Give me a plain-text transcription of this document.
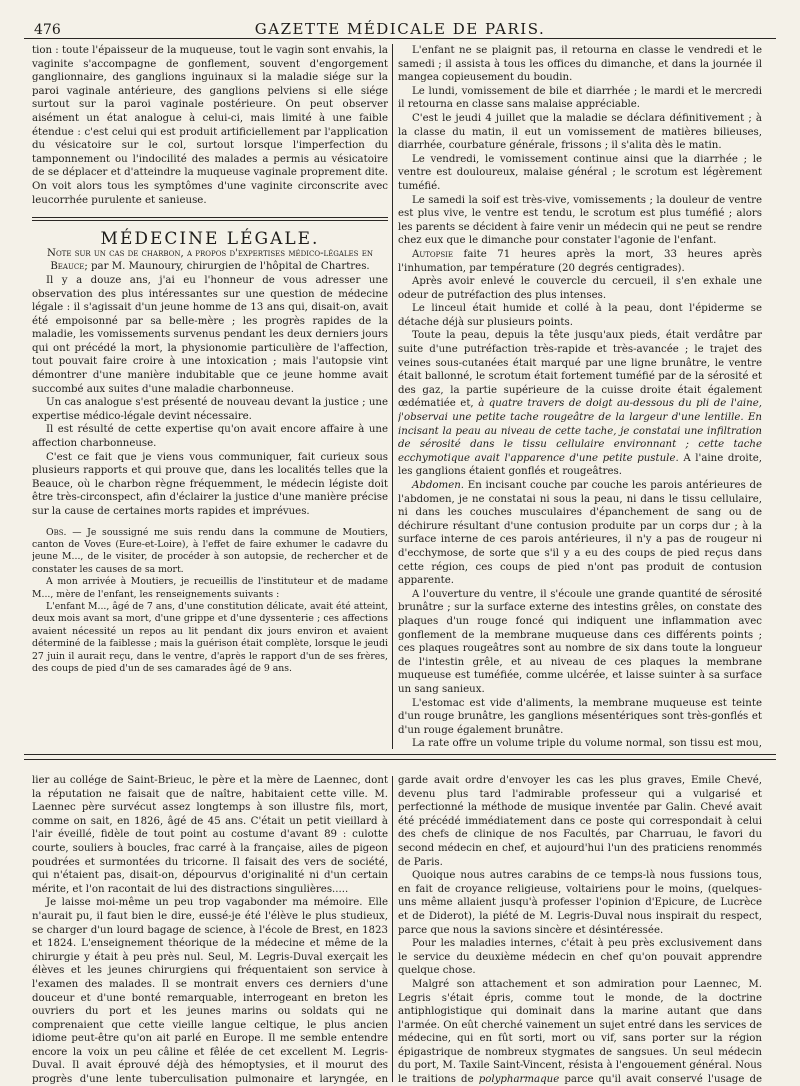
476	GAZETTE MÉDICALE DE PARIS.

tion : toute l'épaisseur de la muqueuse, tout le vagin sont envahis, la vaginite s'accompagne de gonflement, souvent d'engorgement ganglionnaire, des ganglions inguinaux si la maladie siége sur la paroi vaginale antérieure, des ganglions pelviens si elle siége surtout sur la paroi vaginale postérieure. On peut observer aisément un état analogue à celui-ci, mais limité à une faible étendue : c'est celui qui est produit artificiellement par l'application du vésicatoire sur le col, surtout lorsque l'imperfection du tamponnement ou l'indocilité des malades a permis au vésicatoire de se déplacer et d'atteindre la muqueuse vaginale proprement dite. On voit alors tous les symptômes d'une vaginite circonscrite avec leucorrhée purulente et sanieuse.

MÉDECINE LÉGALE.

Note sur un cas de charbon, a propos d'expertises médico-légales en Beauce; par M. Maunoury, chirurgien de l'hôpital de Chartres.

Il y a douze ans, j'ai eu l'honneur de vous adresser une observation des plus intéressantes sur une question de médecine légale : il s'agissait d'un jeune homme de 13 ans qui, disait-on, avait été empoisonné par sa belle-mère ; les progrès rapides de la maladie, les vomissements survenus pendant les deux derniers jours qui ont précédé la mort, la physionomie particulière de l'affection, tout pouvait faire croire à une intoxication ; mais l'autopsie vint démontrer d'une manière indubitable que ce jeune homme avait succombé aux suites d'une maladie charbonneuse.

Un cas analogue s'est présenté de nouveau devant la justice ; une expertise médico-légale devint nécessaire.

Il est résulté de cette expertise qu'on avait encore affaire à une affection charbonneuse.

C'est ce fait que je viens vous communiquer, fait curieux sous plusieurs rapports et qui prouve que, dans les localités telles que la Beauce, où le charbon règne fréquemment, le médecin légiste doit être très-circonspect, afin d'éclairer la justice d'une manière précise sur la cause de certaines morts rapides et imprévues.

Obs. — Je soussigné me suis rendu dans la commune de Moutiers, canton de Voves (Eure-et-Loire), à l'effet de faire exhumer le cadavre du jeune M..., de le visiter, de procéder à son autopsie, de rechercher et de constater les causes de sa mort.

A mon arrivée à Moutiers, je recueillis de l'instituteur et de madame M..., mère de l'enfant, les renseignements suivants :

L'enfant M..., âgé de 7 ans, d'une constitution délicate, avait été atteint, deux mois avant sa mort, d'une grippe et d'une dyssenterie ; ces affections avaient nécessité un repos au lit pendant dix jours environ et avaient déterminé de la faiblesse ; mais la guérison était complète, lorsque le jeudi 27 juin il aurait reçu, dans le ventre, d'après le rapport d'un de ses frères, des coups de pied d'un de ses camarades âgé de 9 ans.

L'enfant ne se plaignit pas, il retourna en classe le vendredi et le samedi ; il assista à tous les offices du dimanche, et dans la journée il mangea copieusement du boudin.

Le lundi, vomissement de bile et diarrhée ; le mardi et le mercredi il retourna en classe sans malaise appréciable.

C'est le jeudi 4 juillet que la maladie se déclara définitivement ; à la classe du matin, il eut un vomissement de matières bilieuses, diarrhée, courbature générale, frissons ; il s'alita dès le matin.

Le vendredi, le vomissement continue ainsi que la diarrhée ; le ventre est douloureux, malaise général ; le scrotum est légèrement tuméfié.

Le samedi la soif est très-vive, vomissements ; la douleur de ventre est plus vive, le ventre est tendu, le scrotum est plus tuméfié ; alors les parents se décident à faire venir un médecin qui ne peut se rendre chez eux que le dimanche pour constater l'agonie de l'enfant.

Autopsie faite 71 heures après la mort, 33 heures après l'inhumation, par température (20 degrés centigrades).

Après avoir enlevé le couvercle du cercueil, il s'en exhale une odeur de putréfaction des plus intenses.

Le linceul était humide et collé à la peau, dont l'épiderme se détache déjà sur plusieurs points.

Toute la peau, depuis la tête jusqu'aux pieds, était verdâtre par suite d'une putréfaction très-rapide et très-avancée ; le trajet des veines sous-cutanées était marqué par une ligne brunâtre, le ventre était ballonné, le scrotum était fortement tuméfié par de la sérosité et des gaz, la partie supérieure de la cuisse droite était également œdématiée et, à quatre travers de doigt au-dessous du pli de l'aine, j'observai une petite tache rougeâtre de la largeur d'une lentille. En incisant la peau au niveau de cette tache, je constatai une infiltration de sérosité dans le tissu cellulaire environnant ; cette tache ecchymotique avait l'apparence d'une petite pustule. A l'aine droite, les ganglions étaient gonflés et rougeâtres.

Abdomen. En incisant couche par couche les parois antérieures de l'abdomen, je ne constatai ni sous la peau, ni dans le tissu cellulaire, ni dans les couches musculaires d'épanchement de sang ou de déchirure résultant d'une contusion produite par un corps dur ; à la surface interne de ces parois antérieures, il n'y a pas de rougeur ni d'ecchymose, de sorte que s'il y a eu des coups de pied reçus dans cette région, ces coups de pied n'ont pas produit de contusion apparente.

A l'ouverture du ventre, il s'écoule une grande quantité de sérosité brunâtre ; sur la surface externe des intestins grêles, on constate des plaques d'un rouge foncé qui indiquent une inflammation avec gonflement de la membrane muqueuse dans ces différents points ; ces plaques rougeâtres sont au nombre de six dans toute la longueur de l'intestin grêle, et au niveau de ces plaques la membrane muqueuse est tuméfiée, comme ulcérée, et laisse suinter à sa surface un sang sanieux.

L'estomac est vide d'aliments, la membrane muqueuse est teinte d'un rouge brunâtre, les ganglions mésentériques sont très-gonflés et d'un rouge également brunâtre.

La rate offre un volume triple du volume normal, son tissu est mou,

lier au collége de Saint-Brieuc, le père et la mère de Laennec, dont la réputation ne faisait que de naître, habitaient cette ville. M. Laennec père survécut assez longtemps à son illustre fils, mort, comme on sait, en 1826, âgé de 45 ans. C'était un petit vieillard à l'air éveillé, fidèle de tout point au costume d'avant 89 : culotte courte, souliers à boucles, frac carré à la française, ailes de pigeon poudrées et surmontées du tricorne. Il faisait des vers de société, qui n'étaient pas, disait-on, dépourvus d'originalité ni d'un certain mérite, et l'on racontait de lui des distractions singulières.....

Je laisse moi-même un peu trop vagabonder ma mémoire. Elle n'aurait pu, il faut bien le dire, eussé-je été l'élève le plus studieux, se charger d'un lourd bagage de science, à l'école de Brest, en 1823 et 1824. L'enseignement théorique de la médecine et même de la chirurgie y était à peu près nul. Seul, M. Legris-Duval exerçait les élèves et les jeunes chirurgiens qui fréquentaient son service à l'examen des malades. Il se montrait envers ces derniers d'une douceur et d'une bonté remarquable, interrogeant en breton les ouvriers du port et les jeunes marins ou soldats qui ne comprenaient que cette vieille langue celtique, le plus ancien idiome peut-être qu'on ait parlé en Europe. Il me semble entendre encore la voix un peu câline et fêlée de cet excellent M. Legris-Duval. Il avait éprouvé déjà des hémoptysies, et il mourut des progrès d'une lente tuberculisation pulmonaire et laryngée, en

garde avait ordre d'envoyer les cas les plus graves, Emile Chevé, devenu plus tard l'admirable professeur qui a vulgarisé et perfectionné la méthode de musique inventée par Galin. Chevé avait été précédé immédiatement dans ce poste qui correspondait à celui des chefs de clinique de nos Facultés, par Charruau, le favori du second médecin en chef, et aujourd'hui l'un des praticiens renommés de Paris.

Quoique nous autres carabins de ce temps-là nous fussions tous, en fait de croyance religieuse, voltairiens pour le moins, (quelques-uns même allaient jusqu'à professer l'opinion d'Epicure, de Lucrèce et de Diderot), la piété de M. Legris-Duval nous inspirait du respect, parce que nous la savions sincère et désintéressée.

Pour les maladies internes, c'était à peu près exclusivement dans le service du deuxième médecin en chef qu'on pouvait apprendre quelque chose.

Malgré son attachement et son admiration pour Laennec, M. Legris s'était épris, comme tout le monde, de la doctrine antiphlogistique qui dominait dans la marine autant que dans l'armée. On eût cherché vainement un sujet entré dans les services de médecine, qui en fût sorti, mort ou vif, sans porter sur la région épigastrique de nombreux stygmates de sangsues. Un seul médecin du port, M. Taxile Saint-Vincent, résista à l'engouement général. Nous le traitions de polypharmaque parce qu'il avait conservé l'usage de
